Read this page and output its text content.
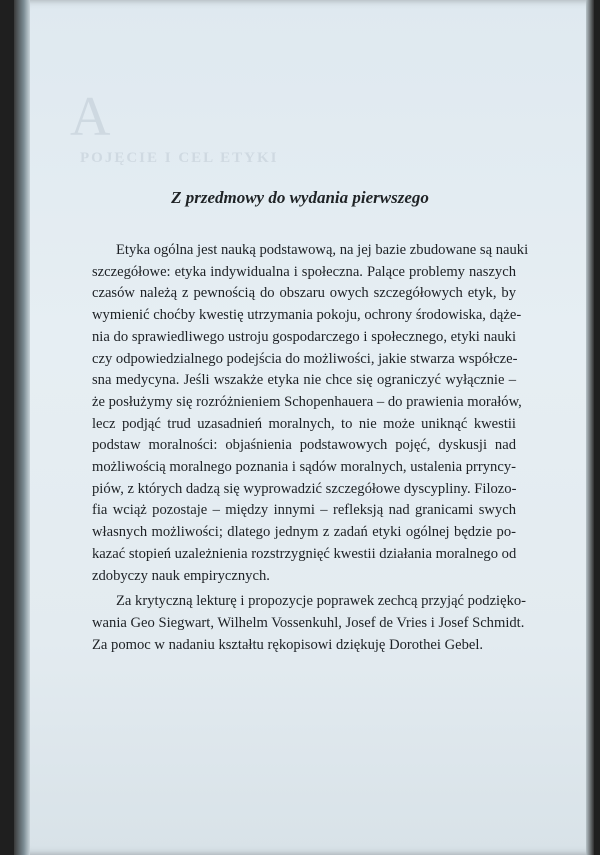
Z przedmowy do wydania pierwszego
Etyka ogólna jest nauką podstawową, na jej bazie zbudowane są nauki
szczegółowe: etyka indywidualna i społeczna. Palące problemy naszych
czasów należą z pewnością do obszaru owych szczegółowych etyk, by
wymienić choćby kwestię utrzymania pokoju, ochrony środowiska, dąże-
nia do sprawiedliwego ustroju gospodarczego i społecznego, etyki nauki
czy odpowiedzialnego podejścia do możliwości, jakie stwarza współcze-
sna medycyna. Jeśli wszakże etyka nie chce się ograniczyć wyłącznie –
że posłużymy się rozróżnieniem Schopenhauera – do prawienia morałów,
lecz podjąć trud uzasadnień moralnych, to nie może uniknąć kwestii
podstaw moralności: objaśnienia podstawowych pojęć, dyskusji nad
możliwością moralnego poznania i sądów moralnych, ustalenia prryncy-
piów, z których dadzą się wyprowadzić szczegółowe dyscypliny. Filozo-
fia wciąż pozostaje – między innymi – refleksją nad granicami swych
własnych możliwości; dlatego jednym z zadań etyki ogólnej będzie po-
kazać stopień uzależnienia rozstrzygnięć kwestii działania moralnego od
zdobyczy nauk empirycznych.
Za krytyczną lekturę i propozycje poprawek zechcą przyjąć podzięko-
wania Geo Siegwart, Wilhelm Vossenkuhl, Josef de Vries i Josef Schmidt.
Za pomoc w nadaniu kształtu rękopisowi dziękuję Dorothei Gebel.
